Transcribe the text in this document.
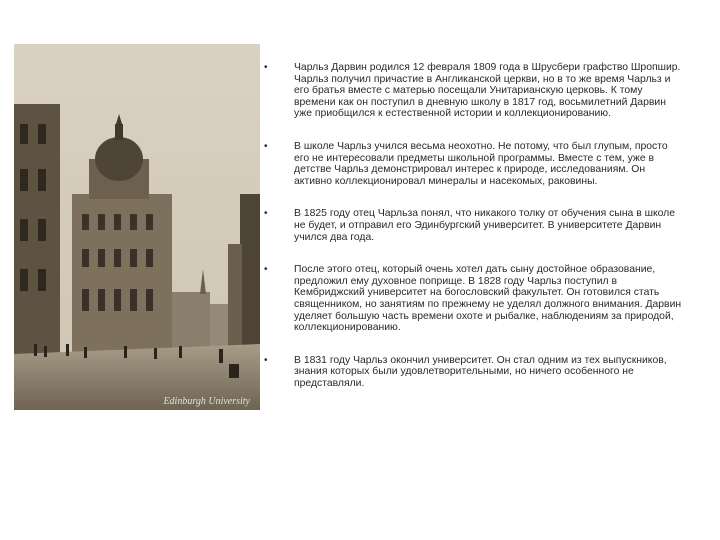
Edinburgh University
•	Чарльз Дарвин родился 12 февраля 1809 года в Шрусбери графство Шропшир. Чарльз получил причастие в Англиканской церкви, но в то же время Чарльз и его братья вместе с матерью посещали Унитарианскую церковь. К тому времени как он поступил в дневную школу в 1817 год, восьмилетний Дарвин уже приобщился к естественной истории и коллекционированию.
•	В школе Чарльз учился весьма неохотно. Не потому, что был глупым, просто его не интересовали предметы школьной программы. Вместе с тем, уже в детстве Чарльз демонстрировал интерес к природе, исследованиям. Он активно коллекционировал минералы и насекомых, раковины.
•	В 1825 году отец Чарльза понял, что никакого толку от обучения сына в школе не будет, и отправил его Эдинбургский университет. В университете Дарвин учился два года.
•	После этого отец, который очень хотел дать сыну достойное образование, предложил ему духовное поприще. В 1828 году Чарльз поступил в Кембриджский университет на богословский факультет. Он готовился стать священником, но занятиям по прежнему не уделял должного внимания. Дарвин уделяет большую часть времени охоте и рыбалке, наблюдениям за природой, коллекционированию.
•	В 1831 году Чарльз окончил университет. Он стал одним из тех выпускников, знания которых были удовлетворительными, но ничего особенного не представляли.
